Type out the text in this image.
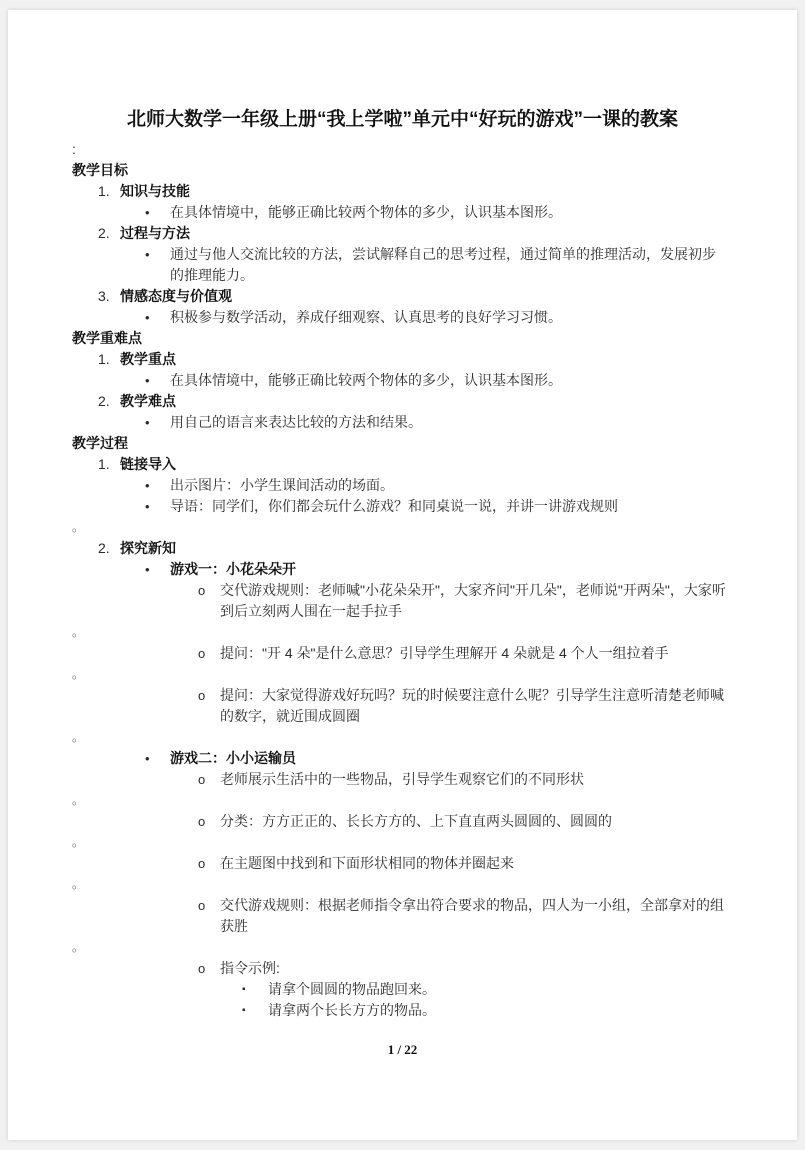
北师大数学一年级上册“我上学啦”单元中“好玩的游戏”一课的教案
:
教学目标
1. 知识与技能
•	在具体情境中，能够正确比较两个物体的多少，认识基本图形。
2. 过程与方法
•	通过与他人交流比较的方法，尝试解释自己的思考过程，通过简单的推理活动，发展初步的推理能力。
3. 情感态度与价值观
•	积极参与数学活动，养成仔细观察、认真思考的良好学习习惯。
教学重难点
1. 教学重点
•	在具体情境中，能够正确比较两个物体的多少，认识基本图形。
2. 教学难点
•	用自己的语言来表达比较的方法和结果。
教学过程
1. 链接导入
•	出示图片：小学生课间活动的场面。
•	导语：同学们，你们都会玩什么游戏？和同桌说一说，并讲一讲游戏规则
。
2. 探究新知
•	游戏一：小花朵朵开
o	交代游戏规则：老师喊"小花朵朵开"，大家齐问"开几朵"，老师说"开两朵"，大家听到后立刻两人围在一起手拉手
。
o	提问："开 4 朵"是什么意思？引导学生理解开 4 朵就是 4 个人一组拉着手
。
o	提问：大家觉得游戏好玩吗？玩的时候要注意什么呢？引导学生注意听清楚老师喊的数字，就近围成圆圈
。
•	游戏二：小小运输员
o	老师展示生活中的一些物品，引导学生观察它们的不同形状
。
o	分类：方方正正的、长长方方的、上下直直两头圆圆的、圆圆的
。
o	在主题图中找到和下面形状相同的物体并圈起来
。
o	交代游戏规则：根据老师指令拿出符合要求的物品，四人为一小组，全部拿对的组获胜
。
o	指令示例:
▪	请拿个圆圆的物品跑回来。
▪	请拿两个长长方方的物品。
1 / 22
